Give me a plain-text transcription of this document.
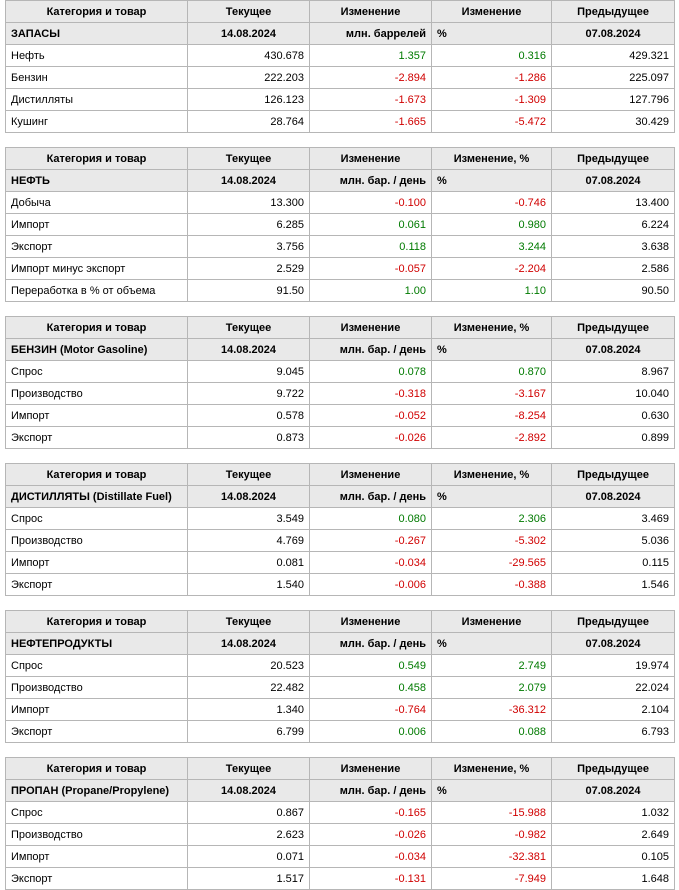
Категория и товар	Текущее	Изменение	Изменение	Предыдущее
ЗАПАСЫ	14.08.2024	млн. баррелей	%	07.08.2024
Нефть	430.678	1.357	0.316	429.321
Бензин	222.203	-2.894	-1.286	225.097
Дистилляты	126.123	-1.673	-1.309	127.796
Кушинг	28.764	-1.665	-5.472	30.429
Категория и товар	Текущее	Изменение	Изменение, %	Предыдущее
НЕФТЬ	14.08.2024	млн. бар. / день	%	07.08.2024
Добыча	13.300	-0.100	-0.746	13.400
Импорт	6.285	0.061	0.980	6.224
Экспорт	3.756	0.118	3.244	3.638
Импорт минус экспорт	2.529	-0.057	-2.204	2.586
Переработка в % от объема	91.50	1.00	1.10	90.50
Категория и товар	Текущее	Изменение	Изменение, %	Предыдущее
БЕНЗИН (Motor Gasoline)	14.08.2024	млн. бар. / день	%	07.08.2024
Спрос	9.045	0.078	0.870	8.967
Производство	9.722	-0.318	-3.167	10.040
Импорт	0.578	-0.052	-8.254	0.630
Экспорт	0.873	-0.026	-2.892	0.899
Категория и товар	Текущее	Изменение	Изменение, %	Предыдущее
ДИСТИЛЛЯТЫ (Distillate Fuel)	14.08.2024	млн. бар. / день	%	07.08.2024
Спрос	3.549	0.080	2.306	3.469
Производство	4.769	-0.267	-5.302	5.036
Импорт	0.081	-0.034	-29.565	0.115
Экспорт	1.540	-0.006	-0.388	1.546
Категория и товар	Текущее	Изменение	Изменение	Предыдущее
НЕФТЕПРОДУКТЫ	14.08.2024	млн. бар. / день	%	07.08.2024
Спрос	20.523	0.549	2.749	19.974
Производство	22.482	0.458	2.079	22.024
Импорт	1.340	-0.764	-36.312	2.104
Экспорт	6.799	0.006	0.088	6.793
Категория и товар	Текущее	Изменение	Изменение, %	Предыдущее
ПРОПАН (Propane/Propylene)	14.08.2024	млн. бар. / день	%	07.08.2024
Спрос	0.867	-0.165	-15.988	1.032
Производство	2.623	-0.026	-0.982	2.649
Импорт	0.071	-0.034	-32.381	0.105
Экспорт	1.517	-0.131	-7.949	1.648
